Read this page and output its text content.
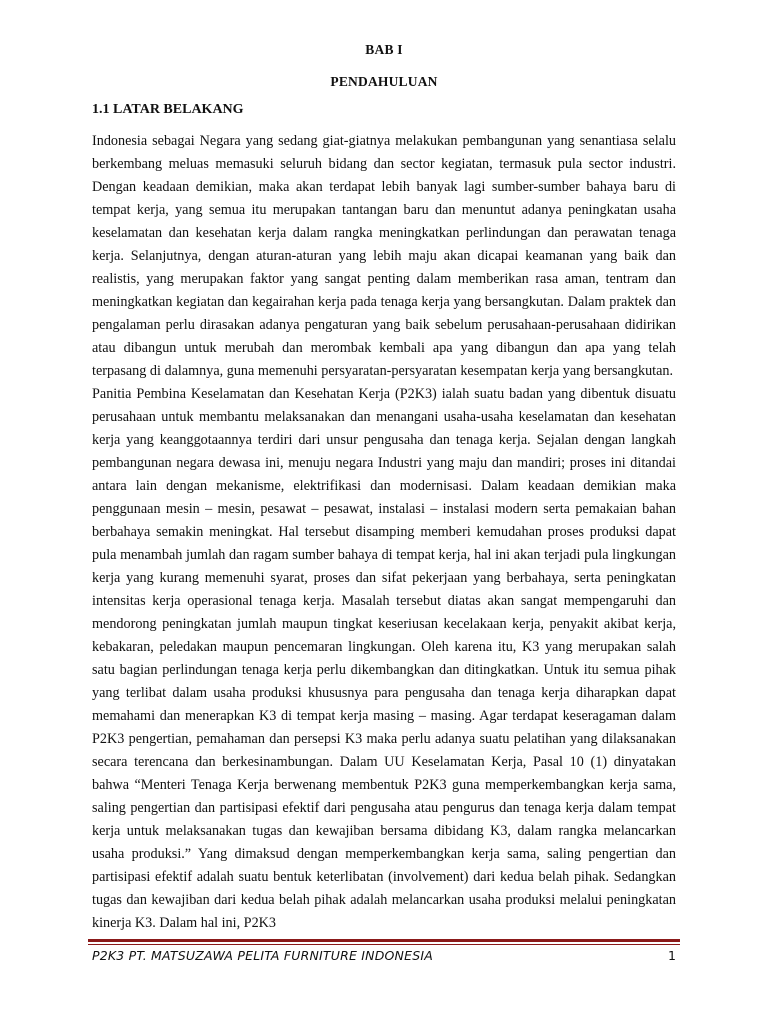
BAB I
PENDAHULUAN
1.1 LATAR BELAKANG

Indonesia sebagai Negara yang sedang giat-giatnya melakukan pembangunan yang senantiasa selalu berkembang meluas memasuki seluruh bidang dan sector kegiatan, termasuk pula sector industri. Dengan keadaan demikian, maka akan terdapat lebih banyak lagi sumber-sumber bahaya baru di tempat kerja, yang semua itu merupakan tantangan baru dan menuntut adanya peningkatan usaha keselamatan dan kesehatan kerja dalam rangka meningkatkan perlindungan dan perawatan tenaga kerja. Selanjutnya, dengan aturan-aturan yang lebih maju akan dicapai keamanan yang baik dan realistis, yang merupakan faktor yang sangat penting dalam memberikan rasa aman, tentram dan meningkatkan kegiatan dan kegairahan kerja pada tenaga kerja yang bersangkutan. Dalam praktek dan pengalaman perlu dirasakan adanya pengaturan yang baik sebelum perusahaan-perusahaan didirikan atau dibangun untuk merubah dan merombak kembali apa yang dibangun dan apa yang telah terpasang di dalamnya, guna memenuhi persyaratan-persyaratan kesempatan kerja yang bersangkutan.

Panitia Pembina Keselamatan dan Kesehatan Kerja (P2K3) ialah suatu badan yang dibentuk disuatu perusahaan untuk membantu melaksanakan dan menangani usaha-usaha keselamatan dan kesehatan kerja yang keanggotaannya terdiri dari unsur pengusaha dan tenaga kerja. Sejalan dengan langkah pembangunan negara dewasa ini, menuju negara Industri yang maju dan mandiri; proses ini ditandai antara lain dengan mekanisme, elektrifikasi dan modernisasi. Dalam keadaan demikian maka penggunaan mesin – mesin, pesawat – pesawat, instalasi – instalasi modern serta pemakaian bahan berbahaya semakin meningkat. Hal tersebut disamping memberi kemudahan proses produksi dapat pula menambah jumlah dan ragam sumber bahaya di tempat kerja, hal ini akan terjadi pula lingkungan kerja yang kurang memenuhi syarat, proses dan sifat pekerjaan yang berbahaya, serta peningkatan intensitas kerja operasional tenaga kerja. Masalah tersebut diatas akan sangat mempengaruhi dan mendorong peningkatan jumlah maupun tingkat keseriusan kecelakaan kerja, penyakit akibat kerja, kebakaran, peledakan maupun pencemaran lingkungan. Oleh karena itu, K3 yang merupakan salah satu bagian perlindungan tenaga kerja perlu dikembangkan dan ditingkatkan. Untuk itu semua pihak yang terlibat dalam usaha produksi khususnya para pengusaha dan tenaga kerja diharapkan dapat memahami dan menerapkan K3 di tempat kerja masing – masing. Agar terdapat keseragaman dalam P2K3 pengertian, pemahaman dan persepsi K3 maka perlu adanya suatu pelatihan yang dilaksanakan secara terencana dan berkesinambungan. Dalam UU Keselamatan Kerja, Pasal 10 (1) dinyatakan bahwa “Menteri Tenaga Kerja berwenang membentuk P2K3 guna memperkembangkan kerja sama, saling pengertian dan partisipasi efektif dari pengusaha atau pengurus dan tenaga kerja dalam tempat kerja untuk melaksanakan tugas dan kewajiban bersama dibidang K3, dalam rangka melancarkan usaha produksi.” Yang dimaksud dengan memperkembangkan kerja sama, saling pengertian dan partisipasi efektif adalah suatu bentuk keterlibatan (involvement) dari kedua belah pihak. Sedangkan tugas dan kewajiban dari kedua belah pihak adalah melancarkan usaha produksi melalui peningkatan kinerja K3. Dalam hal ini, P2K3

P2K3 PT. MATSUZAWA PELITA FURNITURE INDONESIA	1
